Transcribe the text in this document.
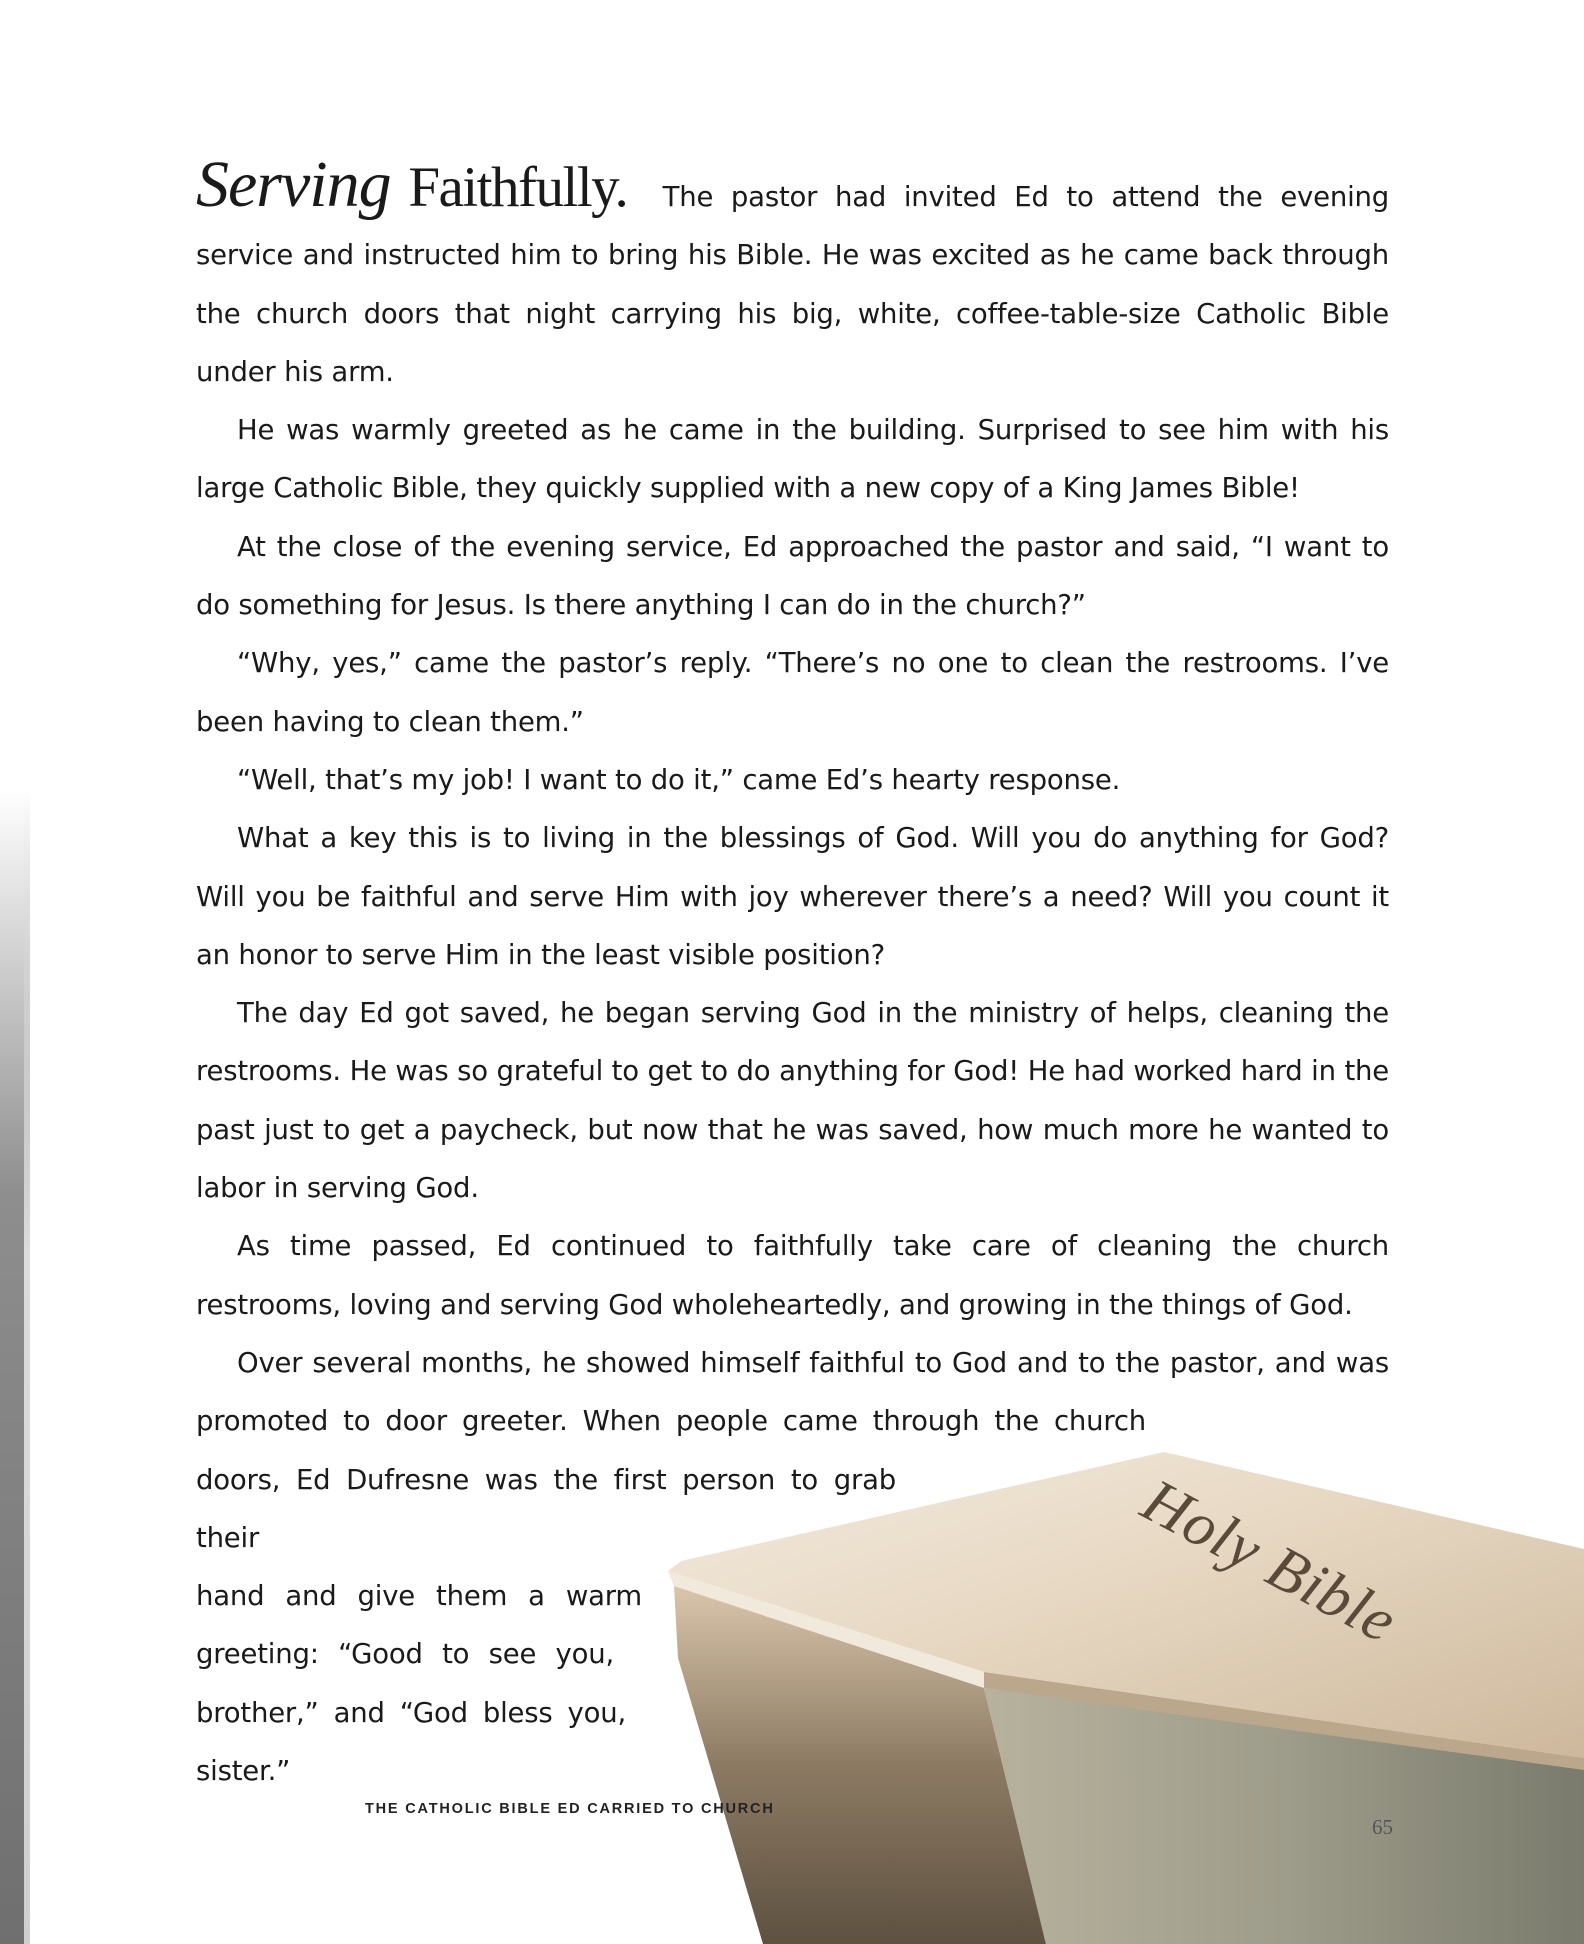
Serving Faithfully. The pastor had invited Ed to attend the evening service and instructed him to bring his Bible. He was excited as he came back through the church doors that night carrying his big, white, coffee-table-size Catholic Bible under his arm.

He was warmly greeted as he came in the building. Surprised to see him with his large Catholic Bible, they quickly supplied with a new copy of a King James Bible!

At the close of the evening service, Ed approached the pastor and said, “I want to do something for Jesus. Is there anything I can do in the church?”

“Why, yes,” came the pastor’s reply. “There’s no one to clean the restrooms. I’ve been having to clean them.”

“Well, that’s my job! I want to do it,” came Ed’s hearty response.

What a key this is to living in the blessings of God. Will you do anything for God? Will you be faithful and serve Him with joy wherever there’s a need? Will you count it an honor to serve Him in the least visible position?

The day Ed got saved, he began serving God in the ministry of helps, cleaning the restrooms. He was so grateful to get to do anything for God! He had worked hard in the past just to get a paycheck, but now that he was saved, how much more he wanted to labor in serving God.

As time passed, Ed continued to faithfully take care of cleaning the church restrooms, loving and serving God wholeheartedly, and growing in the things of God.

Over several months, he showed himself faithful to God and to the pastor, and was
promoted to door greeter. When people came through the church
doors, Ed Dufresne was the first person to grab their
hand and give them a warm
greeting: “Good to see you,
brother,” and “God bless you,
sister.”
Holy Bible
THE CATHOLIC BIBLE ED CARRIED TO CHURCH
65
